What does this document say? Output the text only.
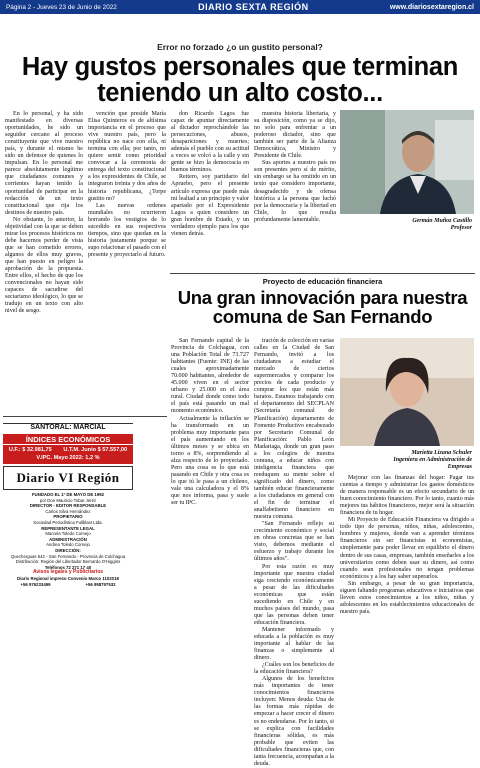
Página 2 - Jueves 23 de Junio de 2022	DIARIO SEXTA REGIÓN	www.diariosextaregion.cl
Error no forzado ¿o un gustito personal?
Hay gustos personales que terminan teniendo un alto costo...

En lo personal, y ha sido manifestado en diversas oportunidades, he sido un seguidor cercano al proceso constituyente que vive nuestro país, y durante el mismo he sido un defensor de quienes lo impulsan. En lo personal me parece absolutamente legítimo que ciudadanos comunes y corrientes hayan tenido la oportunidad de participar en la redacción de un texto constitucional que rija los destinos de nuestro país.

No obstante, lo anterior, la objetividad con la que se deben mirar los procesos históricos no debe hacernos perder de vista que se han cometido errores, algunos de ellos muy graves, que han puesto en peligro la aprobación de la propuesta. Entre ellos, el hecho de que los convencionales no hayan sido capaces de sacudirse del sectarismo ideológico, lo que se tradujo en un texto con alto nivel de sesgo.

vención que preside María Elisa Quinteros es de altísima importancia en el proceso que vive nuestro país, pero la república no nace con ella, ni termina con ella; por tanto, no quiere sentir como prioridad convocar a la ceremonia de entrega del texto constitucional a los expresidentes de Chile, se integraron treinta y dos años de historia republicana, ¿Torpe gustito no?

Las nuevas ordenes mundiales no ocurrieron borrando los vestigios de lo sucedido en sus respectivos tiempos, sino que quedan en la historia justamente porque se supo relacionar el pasado con el presente y proyectarlo al futuro.

don Ricardo Lagos fue capaz de apuntar directamente al dictador reprochándole las persecuciones, abusos, desapariciones y muertes; además el pueblo con su actitud a veces se volcó a la calle y sin gente se hizo la democracia en buenos términos.

Reitero, soy partidario del Apruebo, pero el presente artículo expresa que puede más mi lealtad a un principio y valor apartado por el Expresidente Lagos a quien considero un gran hombre de Estado, y un verdadero ejemplo para los que vienen detrás.

muestra historia libertaria, y su disposición, como ya se dijo, no solo para enfrentar a un poderoso dictador, sino que también ser parte de la Alianza Democrática, Ministro y Presidente de Chile.

Sus aportes a nuestro país no son presentes pero sí de mérito, sin embargo se ha omitido en un texto que considero importante, desagradecido y de ofensa histórica a la persona que luchó por la democracia y la libertad en Chile, lo que resulta profundamente lamentable.	Germán Muñoz Castillo
Profesor
Proyecto de educación financiera
Una gran innovación para nuestra comuna de San Fernando

San Fernando capital de la Provincia de Colchagua, con una Población Total de 73.727 habitantes (Fuente: INE) de las cuales aproximadamente 70.000 habitantes, alrededor de 45.000 viven en el sector urbano y 25.000 en el área rural. Ciudad donde como todo el país está pasando un mal momento económico.

Actualmente la inflación se ha transformado en un problema muy importante para el país aumentando en los últimos meses y se ubica en torno a 8%, sorprendiendo al alza respecto de lo proyectado. Pero una cosa es lo que está pasando en Chile y otra cosa es lo que tú le pasa a un chileno, vale una calculadora y el 8% que nos informa, pasa y suele ser tu IPC.

tración de colección en varias calles en la Ciudad de San Fernando, invitó a los ciudadanos a estudiar el mercado de ciertos supermercados y comparar los precios de cada producto y comprar los que están más baratos. Estamos trabajando con el departamento del SECPLAN (Secretaría comunal de Planificación) departamento de Fomento Productivo encabezado por Secretario Comunal de Planificación: Pablo León Madariaga, donde un gran paso a los colegios de nuestra comuna, a educar niños con inteligencia financiera que reeduquen su mente sobre el significado del dinero, como también educar financieramente a los ciudadanos en general con el fin de terminar el analfabetismo financiero en nuestra comuna.

"San Fernando reflejo su crecimiento económico y social en obras concretas que se han visto, debemos mediante el esfuerzo y trabajo durante los últimos años".

Por esta razón es muy importante que nuestra ciudad siga creciendo económicamente a pesar de las dificultades económicas que están sucediendo en Chile y en muchos países del mundo, pasa que las personas deben tener educación financiera.

Mantener informado y educada a la población es muy importante al hablar de las finanzas o simplemente al dinero.

¿Cuáles son los beneficios de la educación financiera?

Algunos de los beneficios más importantes de tener conocimientos financieros incluyen: Menos deuda: Una de las formas más rápidas de empezar a hacer crecer el dinero es no endeudarse. Por lo tanto, si se explica con facilidades financieras sólidas, es más probable que eviten las dificultades financieras que, con tanta frecuencia, acompañan a la deuda.

Marietta Lizana Schuler
Ingeniera en Administración de
Empresas

Mejorar con las finanzas del hogar: Pagar tus cuentas a tiempo y administrar los gastos domésticos de manera responsable es un efecto secundario de un buen conocimiento financiero. Por lo tanto, cuanto más mejores tus hábitos financieros, mejor será la situación financiera de tu hogar.

Mi Proyecto de Educación Financiera va dirigido a todo tipo de personas, niños, niñas, adolescentes, hombres y mujeres, donde van a aprender términos financieros sin ser financistas ni economistas, simplemente para poder llevar en equilibrio el dinero dentro de sus casas, empresas, también enseñarles a los universitarios como deben usar su dinero, así como cuando sean profesionales no tengan problemas económicos y a los hay saber superarlos.

Sin embargo, a pesar de su gran importancia, siguen faltando programas educativos e iniciativas que lleven estos conocimientos a los niños, niñas y adolescentes en los establecimientos educacionales de nuestro país.

SANTORAL: MARCIAL
ÍNDICES ECONÓMICOS
U.F.: $ 32.981,75 U.T.M. Junio $ 57.557,00
V.IPC. Mayo 2022: 1,2 %
Diario VI Región
FUNDADO EL 1º DE MAYO DE 1992
por Don Mauricio Tobar Jeréz
DIRECTOR - EDITOR RESPONSABLE
Carlos Silva Hernández
PROPIETARIO
Sociedad Periodística Fullblast Ltda.
REPRESENTANTE LEGAL
Marcela Toledo Cornejo
ADMINISTRACIÓN
Andrea Toledo Cornejo
DIRECCIÓN:
Quecherguas 642 - San Fernando - Provincia de Colchagua
Distribución: Región del Libertador Bernardo O'Higgins
Teléfonos 72 271 17 40
Avisos legales y Publicitarios
Diario Regional impreso Convenio Marco 1102018
+56 976233499	+56 958797532
